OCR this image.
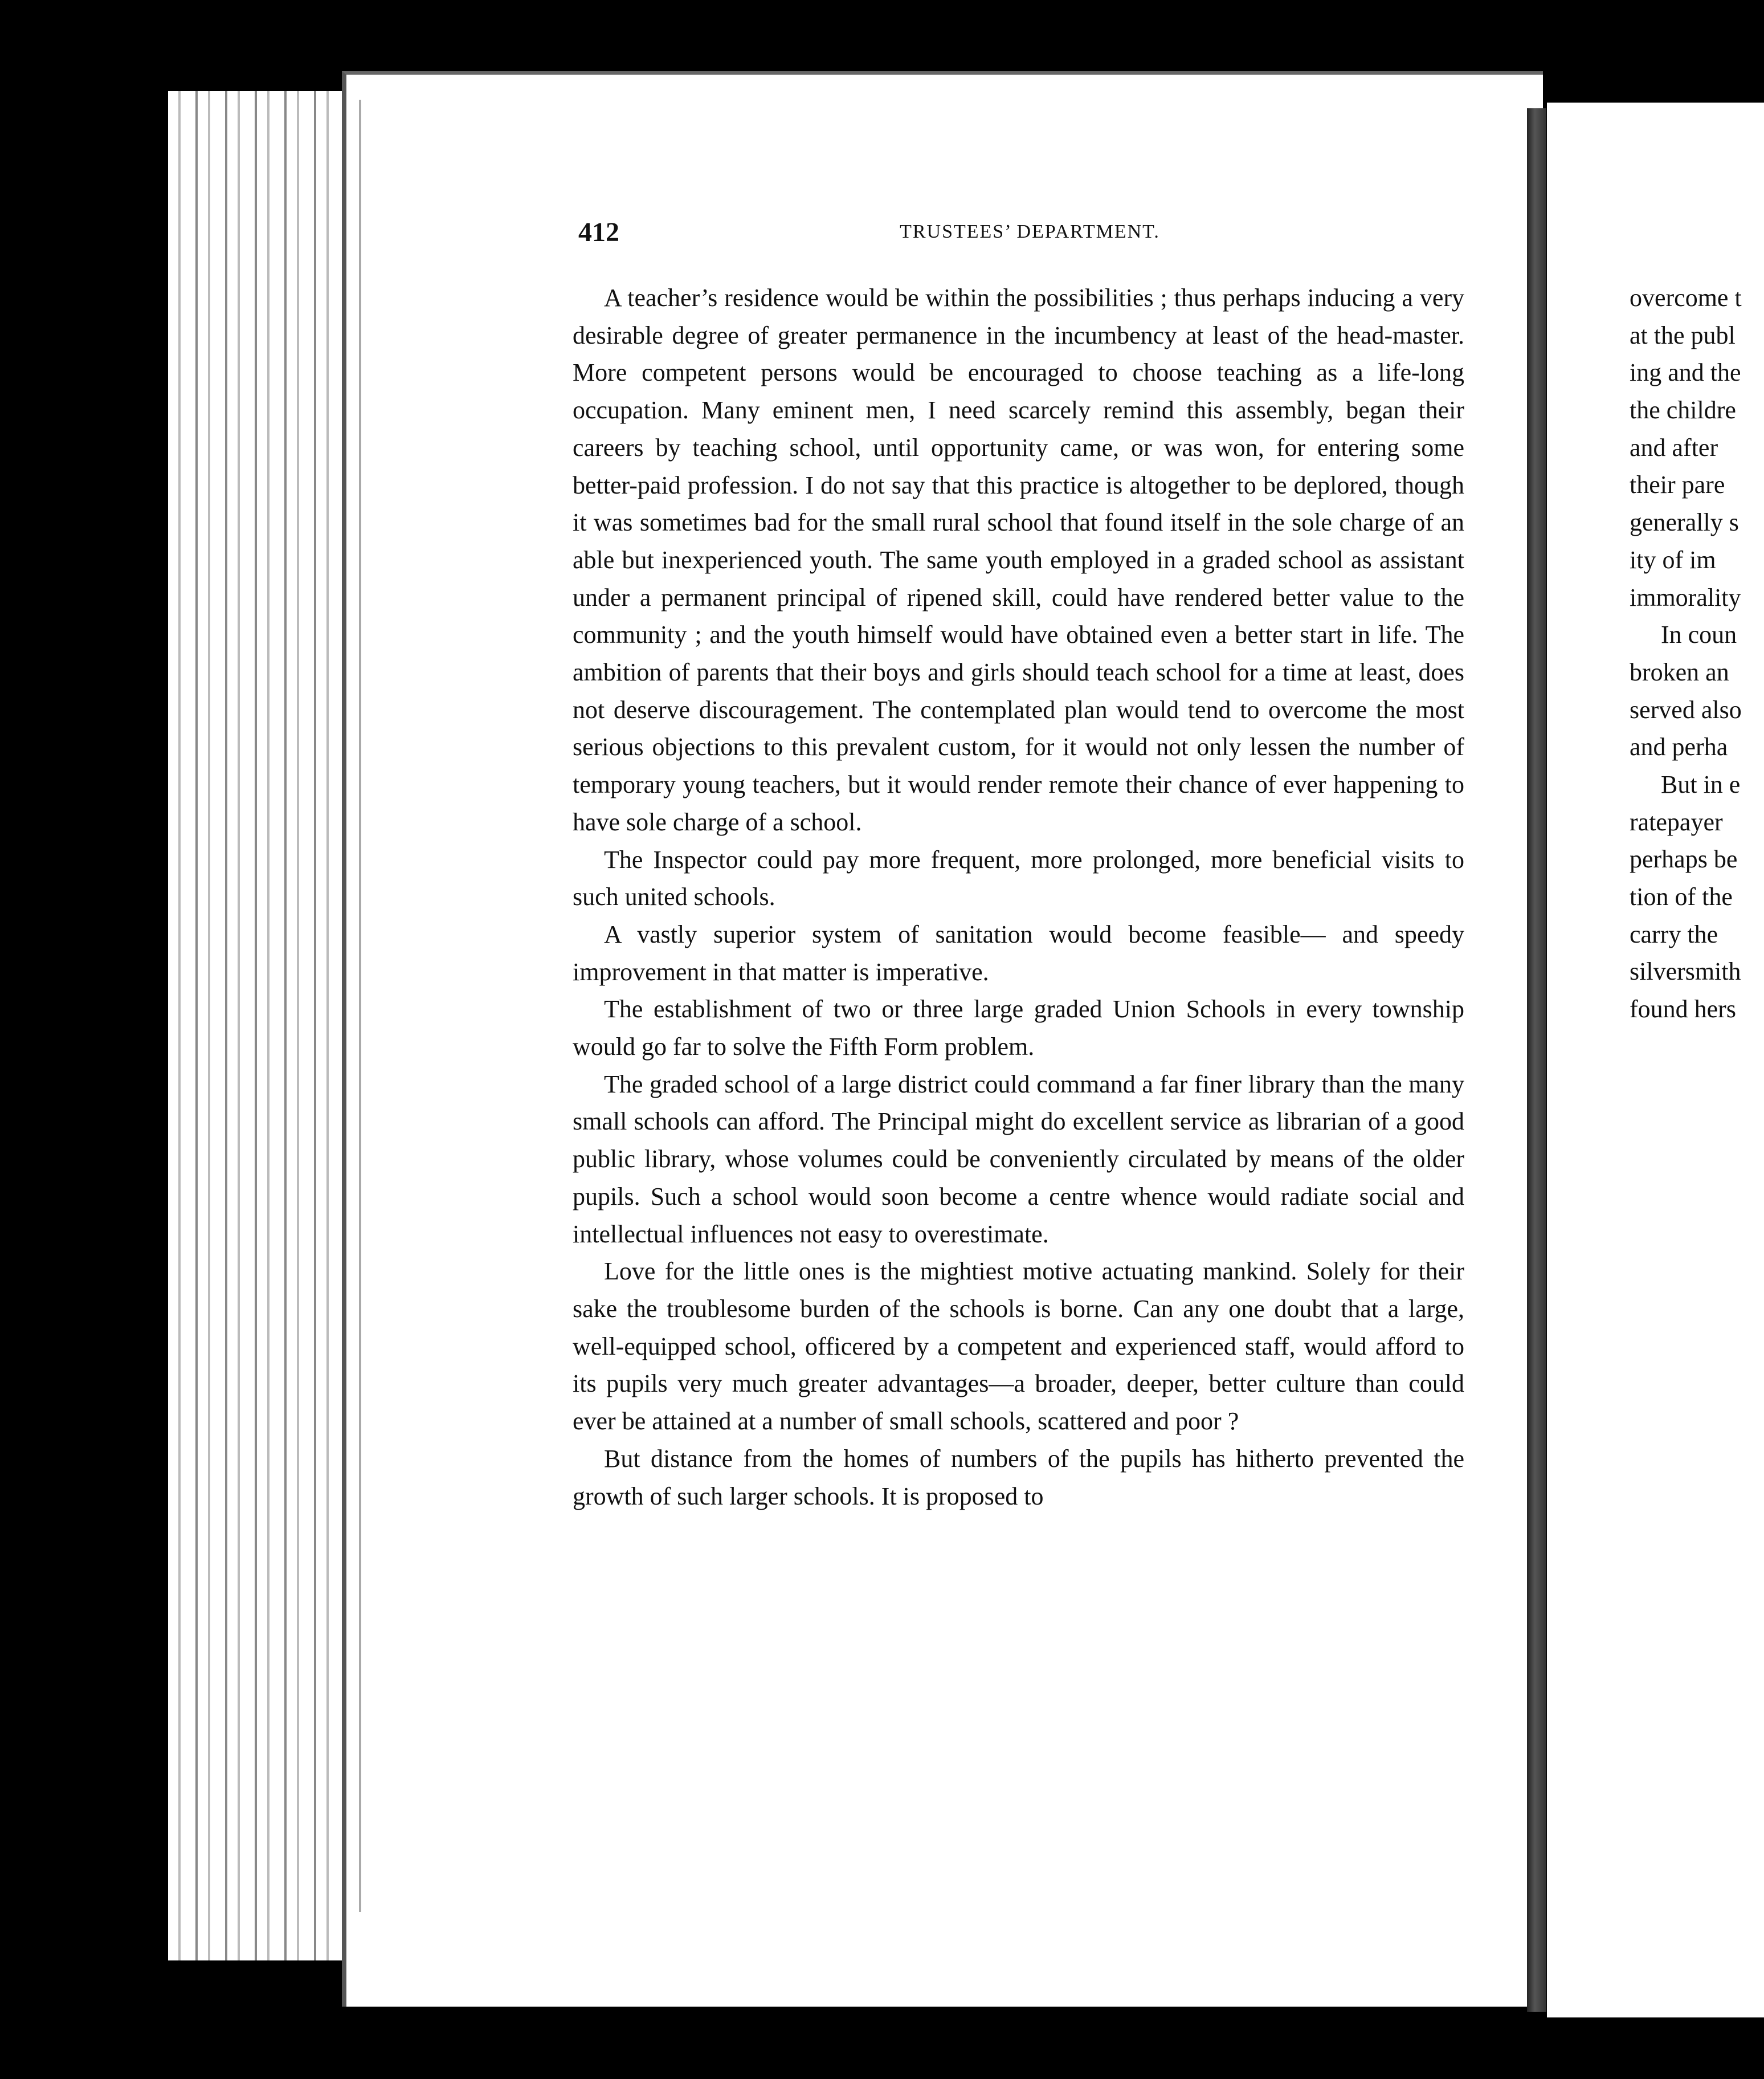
412	TRUSTEES’ DEPARTMENT.

A teacher’s residence would be within the possibilities ; thus perhaps inducing a very desirable degree of greater permanence in the incumbency at least of the head-master. More competent persons would be encouraged to choose teaching as a life-long occupation. Many eminent men, I need scarcely remind this assembly, began their careers by teaching school, until opportunity came, or was won, for entering some better-paid profession. I do not say that this practice is altogether to be deplored, though it was sometimes bad for the small rural school that found itself in the sole charge of an able but inexperienced youth. The same youth employed in a graded school as assistant under a permanent principal of ripened skill, could have rendered better value to the community ; and the youth himself would have obtained even a better start in life. The ambition of parents that their boys and girls should teach school for a time at least, does not deserve discouragement. The contemplated plan would tend to overcome the most serious objections to this prevalent custom, for it would not only lessen the number of temporary young teachers, but it would render remote their chance of ever happening to have sole charge of a school.

The Inspector could pay more frequent, more prolonged, more beneficial visits to such united schools.

A vastly superior system of sanitation would become feasible— and speedy improvement in that matter is imperative.

The establishment of two or three large graded Union Schools in every township would go far to solve the Fifth Form problem.

The graded school of a large district could command a far finer library than the many small schools can afford. The Principal might do excellent service as librarian of a good public library, whose volumes could be conveniently circulated by means of the older pupils. Such a school would soon become a centre whence would radiate social and intellectual influences not easy to overestimate.

Love for the little ones is the mightiest motive actuating mankind. Solely for their sake the troublesome burden of the schools is borne. Can any one doubt that a large, well-equipped school, officered by a competent and experienced staff, would afford to its pupils very much greater advantages—a broader, deeper, better culture than could ever be attained at a number of small schools, scattered and poor ?

But distance from the homes of numbers of the pupils has hitherto prevented the growth of such larger schools. It is proposed to

overcome t
at the publ
ing and the
the childre
and after
their pare
generally s
ity of im
immorality
In coun
broken an
served also
and perha
But in e
ratepayer
perhaps be
tion of the
carry the
silversmith
found hers
